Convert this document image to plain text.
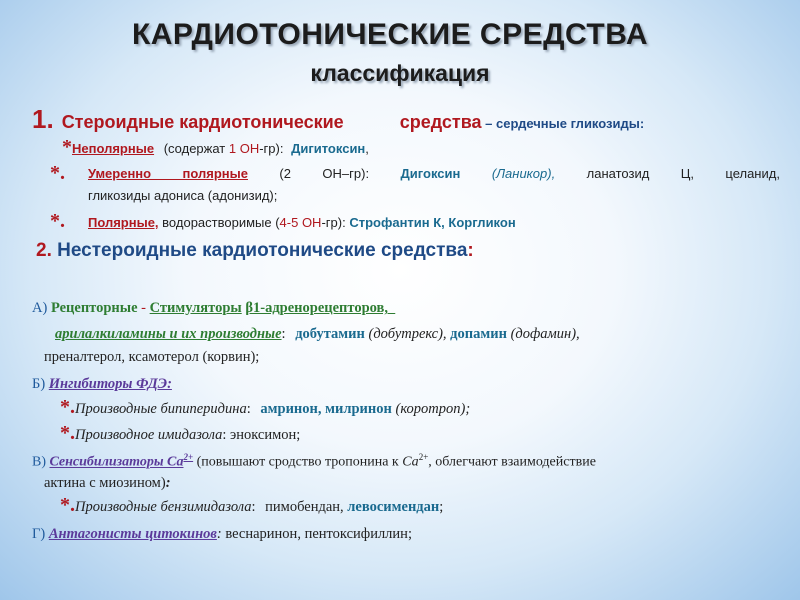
КАРДИОТОНИЧЕСКИЕ СРЕДСТВА
классификация
1. Стероидные кардиотонические	средства – сердечные гликозиды:
*Неполярные (содержат 1 ОН-гр): Дигитоксин,
*. Умеренно полярные (2 ОН–гр): Дигоксин (Ланикор), ланатозид Ц, целанид,
гликозиды адониса (адонизид);
*. Полярные, водорастворимые (4-5 ОН-гр): Строфантин К, Коргликон
2. Нестероидные кардиотонические средства:
А) Рецепторные - Стимуляторы β1-адренорецепторов,
арилалкиламины и их производные: добутамин (добутрекс), допамин (дофамин),
преналтерол, ксамотерол (корвин);
Б) Ингибиторы ФДЭ:
*.Производные бипиперидина: амринон, милринон (коротроп);
*.Производное имидазола: эноксимон;
В) Сенсибилизаторы $Са^{2+}$ (повышают сродство тропонина к $Са^{2+}$, облегчают взаимодействие
актина с миозином):
*.Производные бензимидазола: пимобендан, левосимендан;
Г) Антагонисты цитокинов: веснаринон, пентоксифиллин;
